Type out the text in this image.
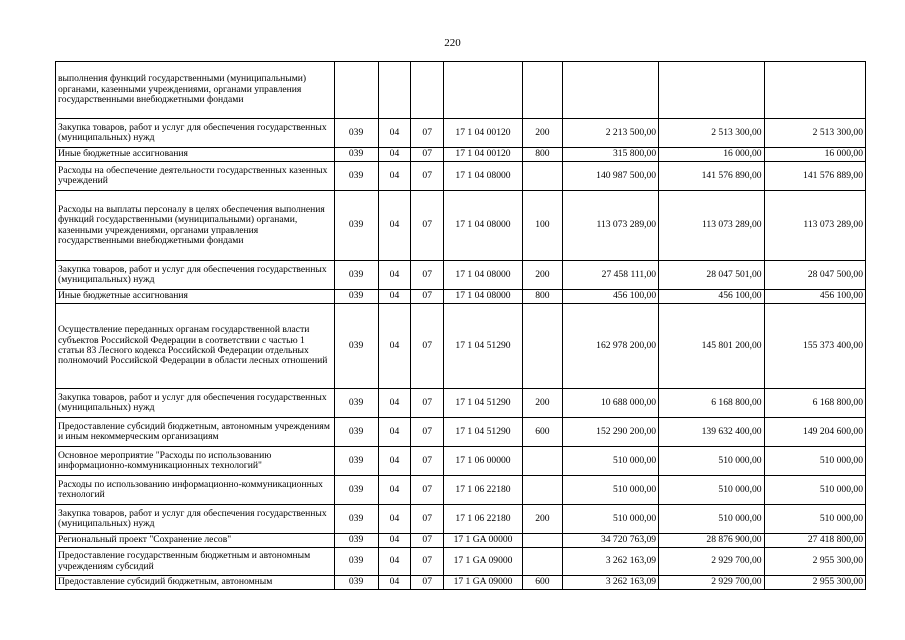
220
выполнения функций государственными (муниципальными) органами, казенными учреждениями, органами управления государственными внебюджетными фондами								
Закупка товаров, работ и услуг для обеспечения государственных (муниципальных) нужд	039	04	07	17 1 04 00120	200	2 213 500,00	2 513 300,00	2 513 300,00
Иные бюджетные ассигнования	039	04	07	17 1 04 00120	800	315 800,00	16 000,00	16 000,00
Расходы на обеспечение деятельности государственных казенных учреждений	039	04	07	17 1 04 08000		140 987 500,00	141 576 890,00	141 576 889,00
Расходы на выплаты персоналу в целях обеспечения выполнения функций государственными (муниципальными) органами, казенными учреждениями, органами управления государственными внебюджетными фондами	039	04	07	17 1 04 08000	100	113 073 289,00	113 073 289,00	113 073 289,00
Закупка товаров, работ и услуг для обеспечения государственных (муниципальных) нужд	039	04	07	17 1 04 08000	200	27 458 111,00	28 047 501,00	28 047 500,00
Иные бюджетные ассигнования	039	04	07	17 1 04 08000	800	456 100,00	456 100,00	456 100,00
Осуществление переданных органам государственной власти субъектов Российской Федерации в соответствии с частью 1 статьи 83 Лесного кодекса Российской Федерации отдельных полномочий Российской Федерации в области лесных отношений	039	04	07	17 1 04 51290		162 978 200,00	145 801 200,00	155 373 400,00
Закупка товаров, работ и услуг для обеспечения государственных (муниципальных) нужд	039	04	07	17 1 04 51290	200	10 688 000,00	6 168 800,00	6 168 800,00
Предоставление субсидий бюджетным, автономным учреждениям и иным некоммерческим организациям	039	04	07	17 1 04 51290	600	152 290 200,00	139 632 400,00	149 204 600,00
Основное мероприятие "Расходы по использованию информационно-коммуникационных технологий"	039	04	07	17 1 06 00000		510 000,00	510 000,00	510 000,00
Расходы по использованию информационно-коммуникационных технологий	039	04	07	17 1 06 22180		510 000,00	510 000,00	510 000,00
Закупка товаров, работ и услуг для обеспечения государственных (муниципальных) нужд	039	04	07	17 1 06 22180	200	510 000,00	510 000,00	510 000,00
Региональный проект "Сохранение лесов"	039	04	07	17 1 GA 00000		34 720 763,09	28 876 900,00	27 418 800,00
Предоставление государственным бюджетным и автономным учреждениям субсидий	039	04	07	17 1 GA 09000		3 262 163,09	2 929 700,00	2 955 300,00
Предоставление субсидий бюджетным, автономным	039	04	07	17 1 GA 09000	600	3 262 163,09	2 929 700,00	2 955 300,00
